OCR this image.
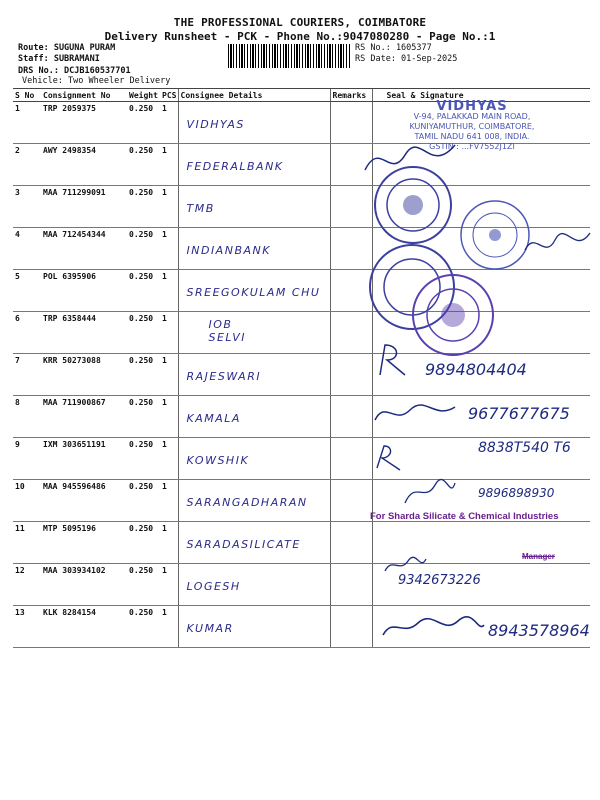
THE PROFESSIONAL COURIERS, COIMBATORE
Delivery Runsheet - PCK - Phone No.:9047080280 - Page No.:1
Route: SUGUNA PURAM
Staff: SUBRAMANI
DRS No.: DCJB160537701
Vehicle: Two Wheeler Delivery
RS No.: 1605377
RS Date: 01-Sep-2025
S No	Consignment No	Weight	PCS	Consignee Details	Remarks	Seal & Signature
1	TRP 2059375	0.250	1	VIDHYAS		

2	AWY 2498354	0.250	1	FEDERALBANK		

3	MAA 711299091	0.250	1	TMB		

4	MAA 712454344	0.250	1	INDIANBANK		

5	POL 6395906	0.250	1	SREEGOKULAM CHU		

6	TRP 6358444	0.250	1	IOB
SELVI		

7	KRR 50273088	0.250	1	RAJESWARI		

8	MAA 711900867	0.250	1	KAMALA		

9	IXM 303651191	0.250	1	KOWSHIK		

10	MAA 945596486	0.250	1	SARANGADHARAN		

11	MTP 5095196	0.250	1	SARADASILICATE		

12	MAA 303934102	0.250	1	LOGESH		

13	KLK 8284154	0.250	1	KUMAR		

VIDHYAS
V-94, PALAKKAD MAIN ROAD,
KUNIYAMUTHUR, COIMBATORE,
TAMIL NADU 641 008, INDIA.
GSTIN : ...FV7552J1ZI
9894804404
9677677675
8838T540 T6
9896898930
For Sharda Silicate & Chemical Industries
Manager
9342673226
8943578964
